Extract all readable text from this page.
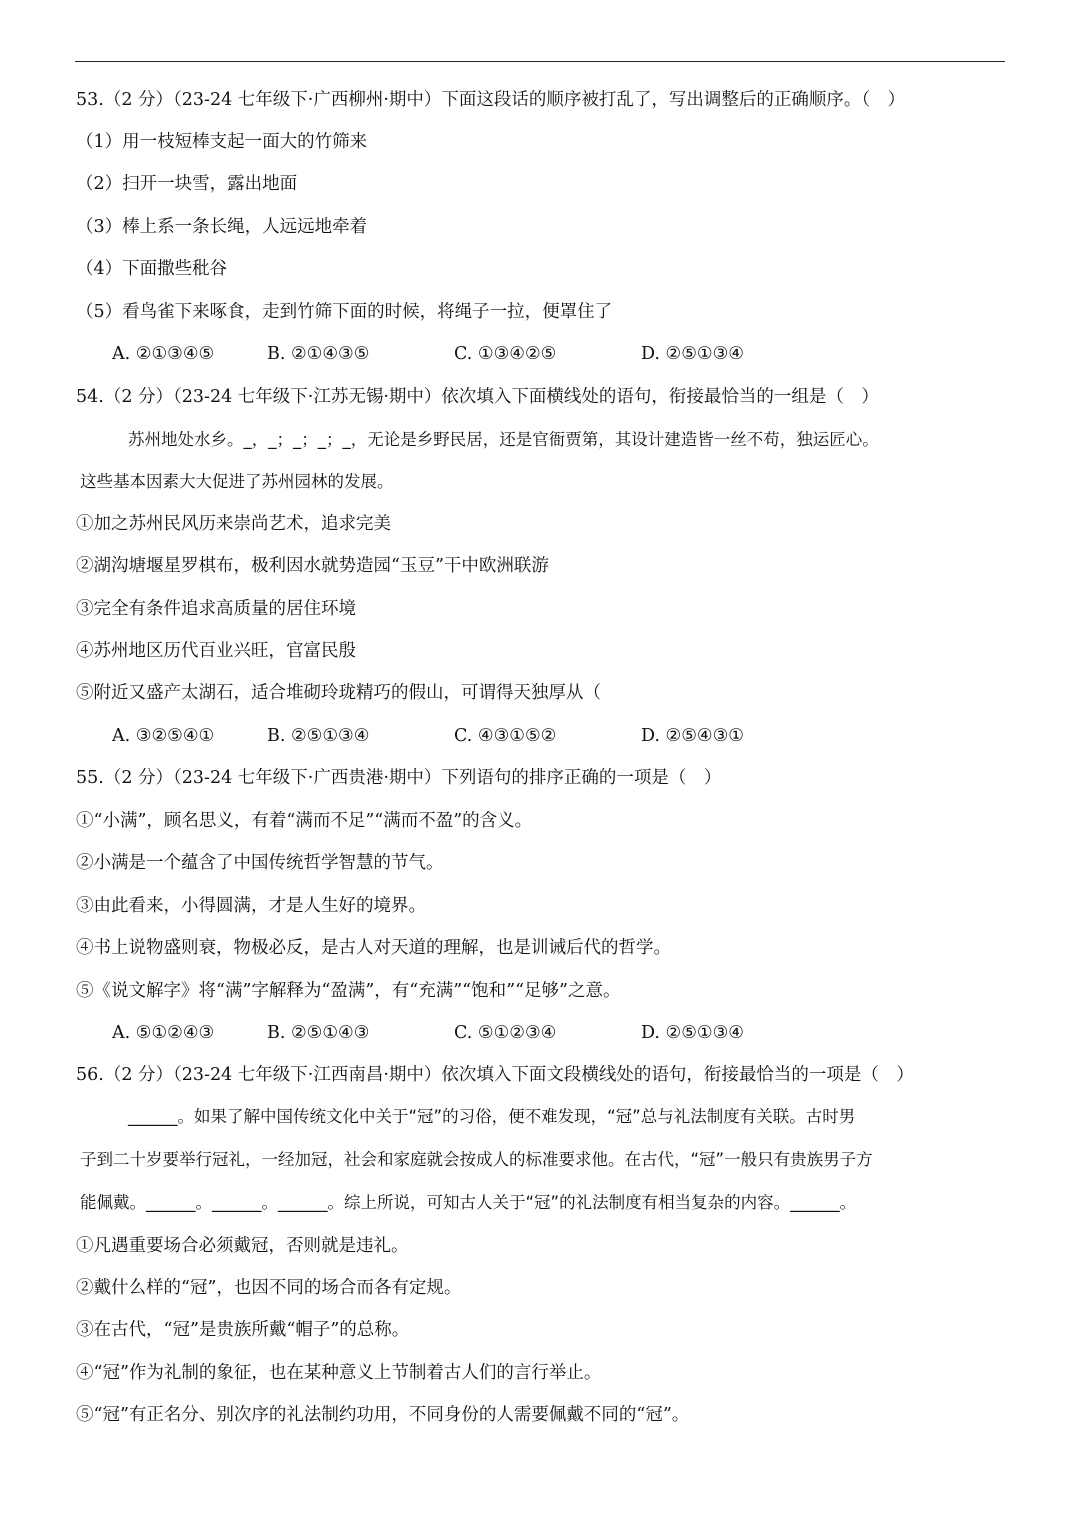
53.（2 分）（23-24 七年级下·广西柳州·期中）下面这段话的顺序被打乱了，写出调整后的正确顺序。（　）
（1）用一枝短棒支起一面大的竹筛来
（2）扫开一块雪，露出地面
（3）棒上系一条长绳，人远远地牵着
（4）下面撒些秕谷
（5）看鸟雀下来啄食，走到竹筛下面的时候，将绳子一拉，便罩住了
A. ②①③④⑤	B. ②①④③⑤	C. ①③④②⑤	D. ②⑤①③④
54.（2 分）（23-24 七年级下·江苏无锡·期中）依次填入下面横线处的语句，衔接最恰当的一组是（　）
苏州地处水乡。_，_；_；_；_，无论是乡野民居，还是官衙贾第，其设计建造皆一丝不苟，独运匠心。
这些基本因素大大促进了苏州园林的发展。
①加之苏州民风历来崇尚艺术，追求完美
②湖沟塘堰星罗棋布，极利因水就势造园“玉豆”干中欧洲联游
③完全有条件追求高质量的居住环境
④苏州地区历代百业兴旺，官富民殷
⑤附近又盛产太湖石，适合堆砌玲珑精巧的假山，可谓得天独厚从（
A. ③②⑤④①	B. ②⑤①③④	C. ④③①⑤②	D. ②⑤④③①
55.（2 分）（23-24 七年级下·广西贵港·期中）下列语句的排序正确的一项是（　）
①“小满”，顾名思义，有着“满而不足”“满而不盈”的含义。
②小满是一个蕴含了中国传统哲学智慧的节气。
③由此看来，小得圆满，才是人生好的境界。
④书上说物盛则衰，物极必反，是古人对天道的理解，也是训诫后代的哲学。
⑤《说文解字》将“满”字解释为“盈满”，有“充满”“饱和”“足够”之意。
A. ⑤①②④③	B. ②⑤①④③	C. ⑤①②③④	D. ②⑤①③④
56.（2 分）（23-24 七年级下·江西南昌·期中）依次填入下面文段横线处的语句，衔接最恰当的一项是（　）
______。如果了解中国传统文化中关于“冠”的习俗，便不难发现，“冠”总与礼法制度有关联。古时男
子到二十岁要举行冠礼，一经加冠，社会和家庭就会按成人的标准要求他。在古代，“冠”一般只有贵族男子方
能佩戴。______。______。______。综上所说，可知古人关于“冠”的礼法制度有相当复杂的内容。______。
①凡遇重要场合必须戴冠，否则就是违礼。
②戴什么样的“冠”，也因不同的场合而各有定规。
③在古代，“冠”是贵族所戴“帽子”的总称。
④“冠”作为礼制的象征，也在某种意义上节制着古人们的言行举止。
⑤“冠”有正名分、别次序的礼法制约功用，不同身份的人需要佩戴不同的“冠”。
